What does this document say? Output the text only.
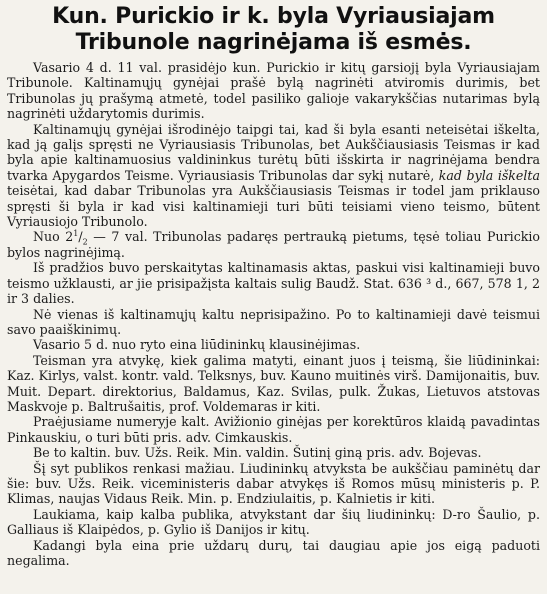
Kun. Purickio ir k. byla Vyriausiajam
Tribunole nagrinėjama iš esmės.

Vasario 4 d. 11 val. prasidėjo kun. Purickio ir kitų garsiojį byla Vyriausiajam Tribunole. Kaltinamųjų gynėjai prašė bylą nagrinėti atviromis durimis, bet Tribunolas jų prašymą atmetė, todel pasiliko galioje vakarykščias nutarimas bylą nagrinėti uždarytomis durimis.

Kaltinamųjų gynėjai išrodinėjo taipgi tai, kad ši byla esanti neteisėtai iškelta, kad ją galįs spręsti ne Vyriausiasis Tribunolas, bet Aukščiausiasis Teismas ir kad byla apie kaltinamuosius valdininkus turėtų būti išskirta ir nagrinėjama bendra tvarka Apygardos Teisme. Vyriausiasis Tribunolas dar sykį nutarė, kad byla iškelta teisėtai, kad dabar Tribunolas yra Aukščiausiasis Teismas ir todel jam priklauso spręsti ši byla ir kad visi kaltinamieji turi būti teisiami vieno teismo, būtent Vyriausiojo Tribunolo.

Nuo $2^1/_2$ — 7 val. Tribunolas padaręs pertrauką pietums, tęsė toliau Purickio bylos nagrinėjimą.

Iš pradžios buvo perskaitytas kaltinamasis aktas, paskui visi kaltinamieji buvo teismo užklausti, ar jie prisipažįsta kaltais sulig Baudž. Stat. 636 ³ d., 667, 578 1, 2 ir 3 dalies.

Nė vienas iš kaltinamųjų kaltu neprisipažino. Po to kaltinamieji davė teismui savo paaiškinimų.

Vasario 5 d. nuo ryto eina liūdininkų klausinėjimas.

Teisman yra atvykę, kiek galima matyti, einant juos į teismą, šie liūdininkai: Kaz. Kirlys, valst. kontr. vald. Telksnys, buv. Kauno muitinės virš. Damijonaitis, buv. Muit. Depart. direktorius, Baldamus, Kaz. Svilas, pulk. Žukas, Lietuvos atstovas Maskvoje p. Baltrušaitis, prof. Voldemaras ir kiti.

Praėjusiame numeryje kalt. Avižionio ginėjas per korektūros klaidą pavadintas Pinkauskiu, o turi būti pris. adv. Cimkauskis.

Be to kaltin. buv. Užs. Reik. Min. valdin. Šutinį giną pris. adv. Bojevas.

Šį syt publikos renkasi mažiau. Liudininkų atvyksta be aukščiau paminėtų dar šie: buv. Užs. Reik. viceministeris dabar atvykęs iš Romos mūsų ministeris p. P. Klimas, naujas Vidaus Reik. Min. p. Endziulaitis, p. Kalnietis ir kiti.

Laukiama, kaip kalba publika, atvykstant dar šių liudininkų: D-ro Šaulio, p. Galliaus iš Klaipėdos, p. Gylio iš Danijos ir kitų.

Kadangi byla eina prie uždarų durų, tai daugiau apie jos eigą paduoti negalima.
